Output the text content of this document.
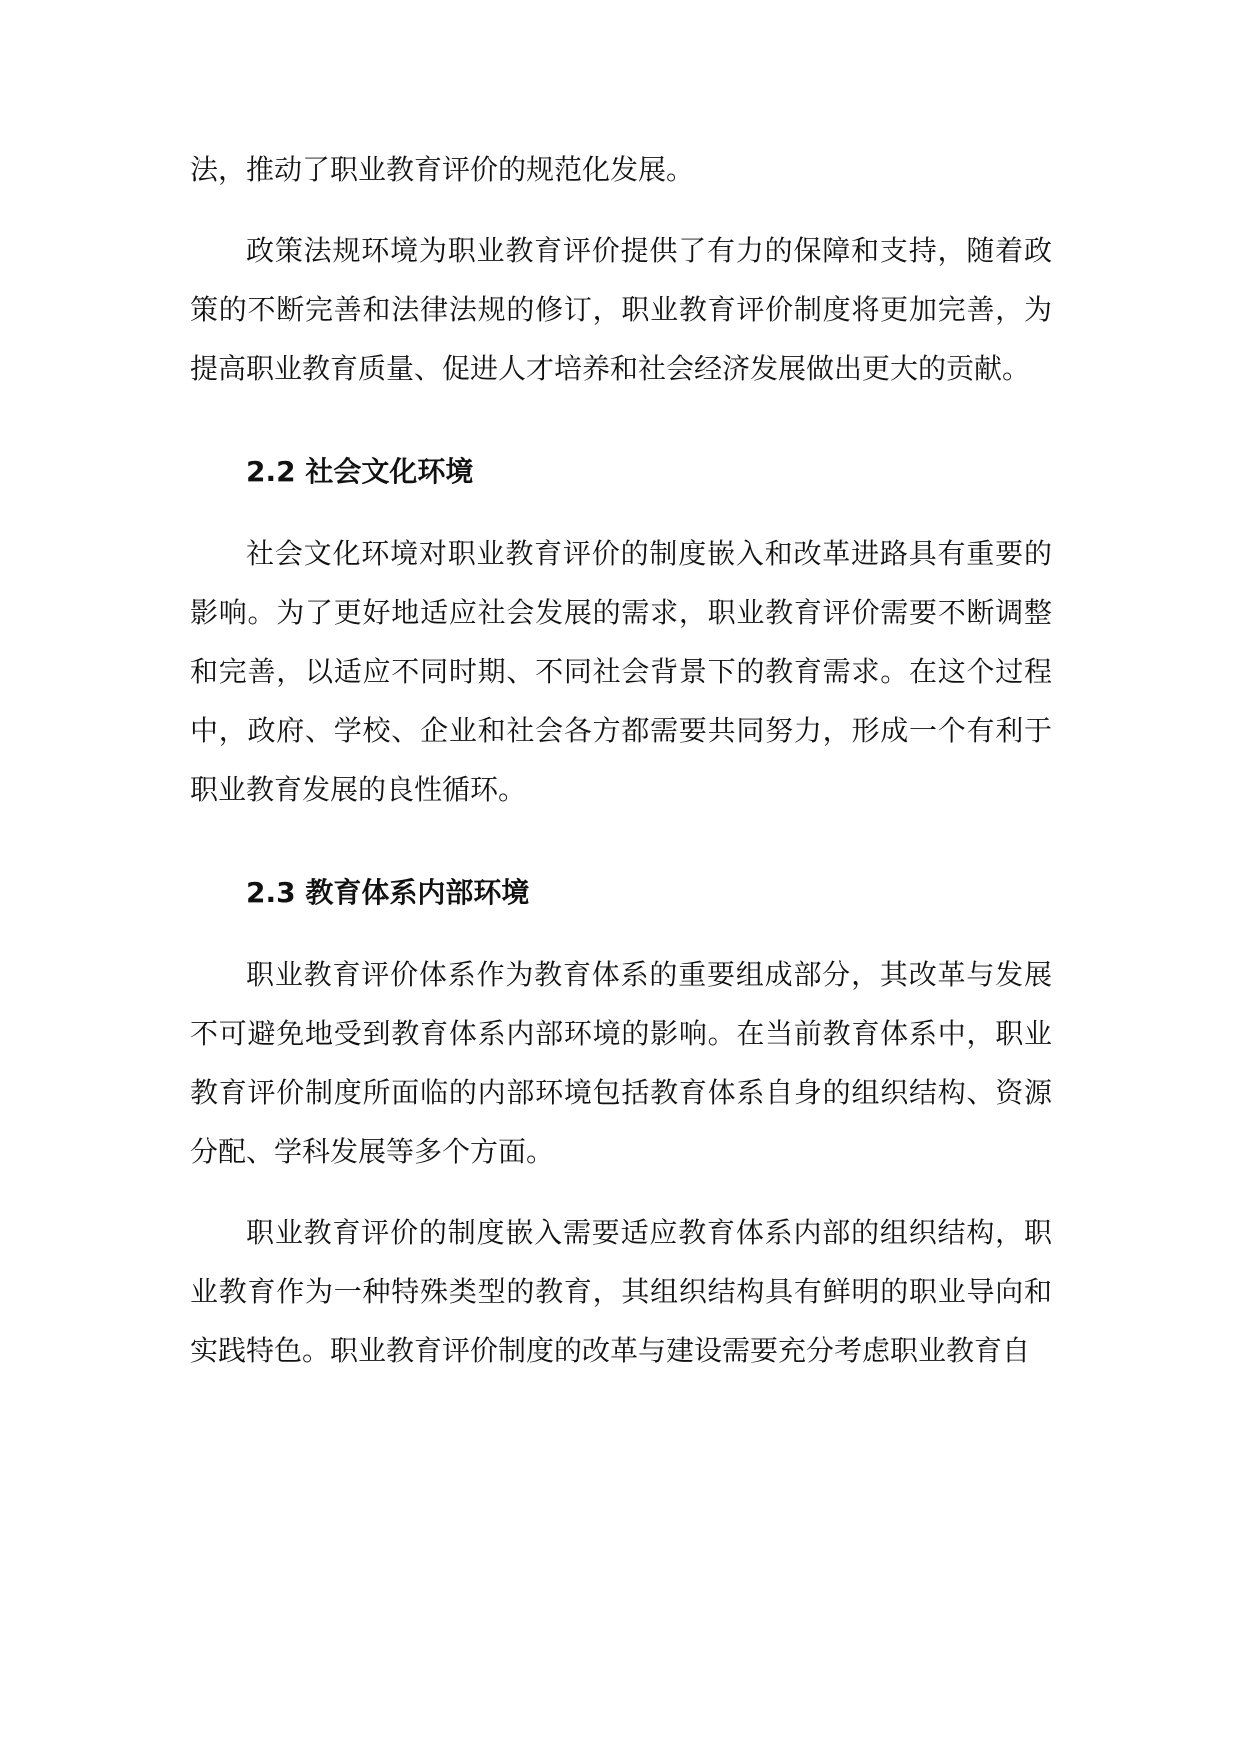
法，推动了职业教育评价的规范化发展。

政策法规环境为职业教育评价提供了有力的保障和支持，随着政策的不断完善和法律法规的修订，职业教育评价制度将更加完善，为提高职业教育质量、促进人才培养和社会经济发展做出更大的贡献。

2.2 社会文化环境

社会文化环境对职业教育评价的制度嵌入和改革进路具有重要的影响。为了更好地适应社会发展的需求，职业教育评价需要不断调整和完善，以适应不同时期、不同社会背景下的教育需求。在这个过程中，政府、学校、企业和社会各方都需要共同努力，形成一个有利于职业教育发展的良性循环。

2.3 教育体系内部环境

职业教育评价体系作为教育体系的重要组成部分，其改革与发展不可避免地受到教育体系内部环境的影响。在当前教育体系中，职业教育评价制度所面临的内部环境包括教育体系自身的组织结构、资源分配、学科发展等多个方面。

职业教育评价的制度嵌入需要适应教育体系内部的组织结构，职业教育作为一种特殊类型的教育，其组织结构具有鲜明的职业导向和实践特色。职业教育评价制度的改革与建设需要充分考虑职业教育自
